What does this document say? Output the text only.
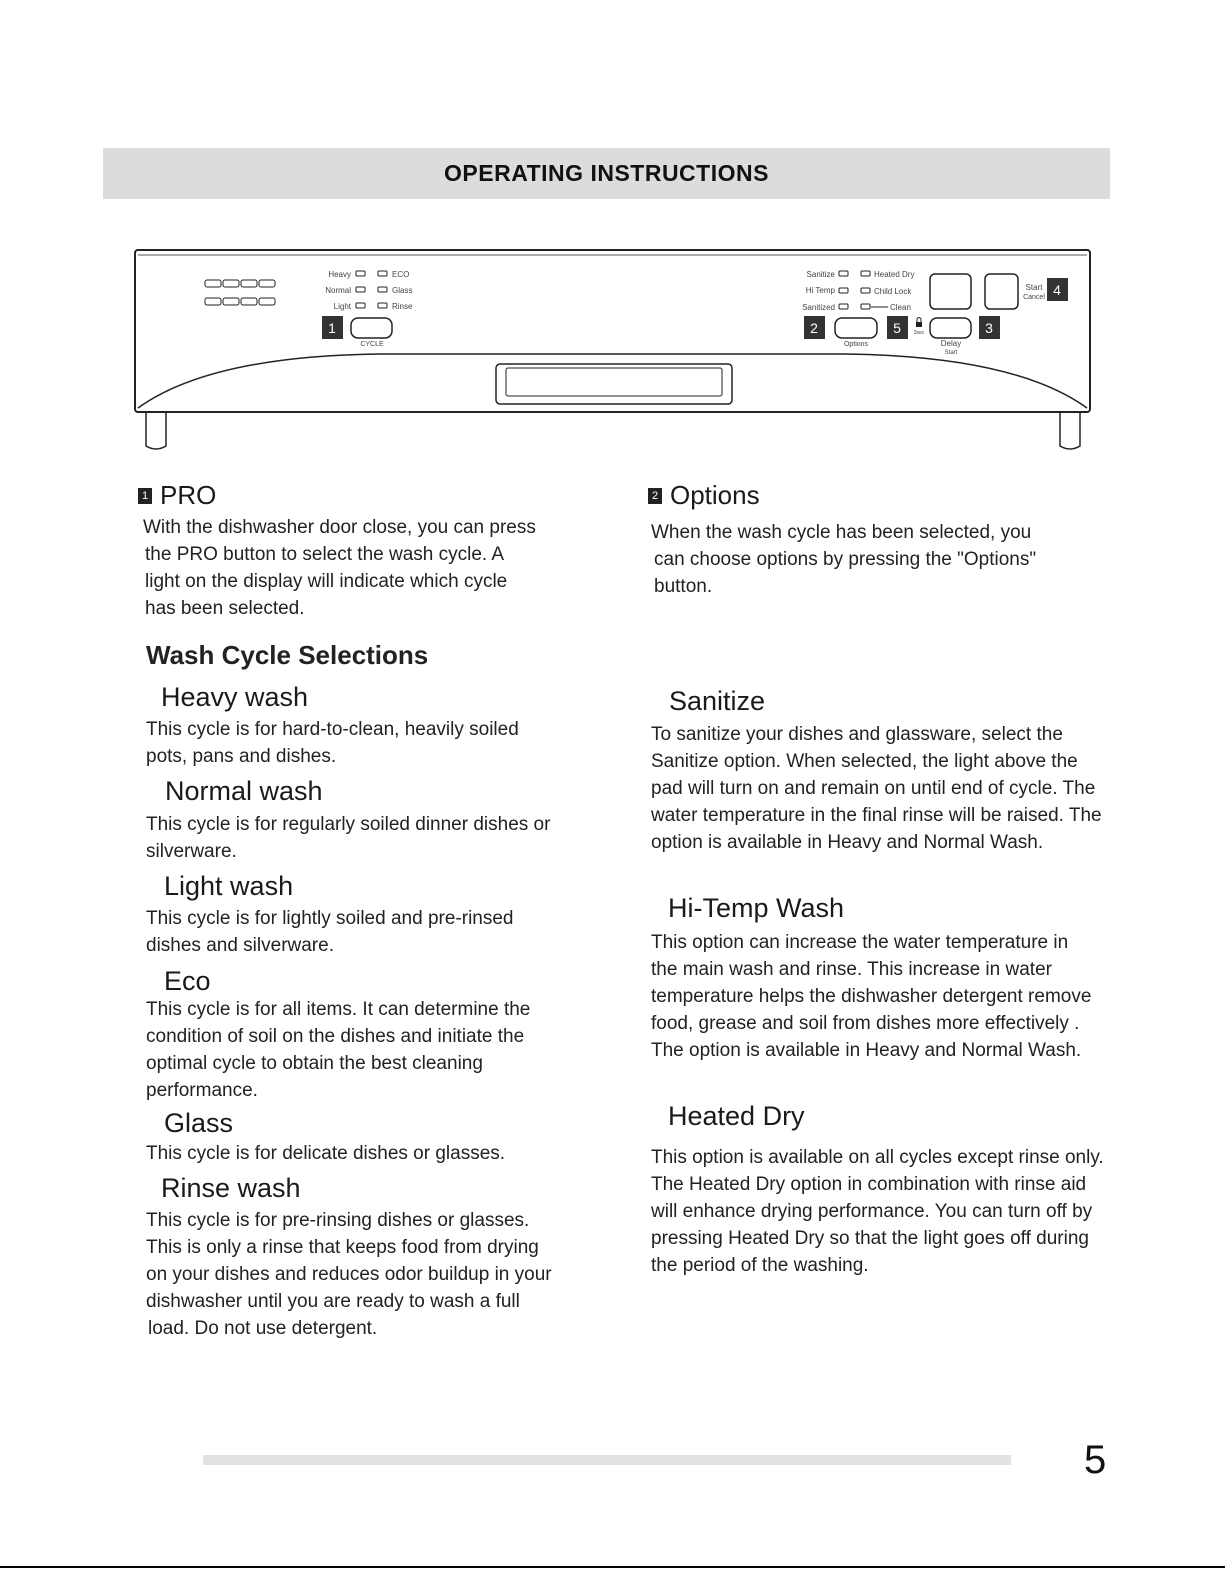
OPERATING INSTRUCTIONS
Heavy
Normal
Light
ECO
Glass
Rinse
1
CYCLE
Sanitize
Hi Temp
Sanitized
Heated Dry
Child Lock
Clean
Start
Cancel 4
2
Options
5	3sec
Delay
Start
3
1 PRO

With the dishwasher door close, you can press

the PRO button to select the wash cycle. A

light on the display will indicate which cycle

has been selected.

Wash Cycle Selections
Heavy wash

This cycle is for hard-to-clean, heavily soiled

pots, pans and dishes.

Normal wash

This cycle is for regularly soiled dinner dishes or

silverware.

Light wash

This cycle is for lightly soiled and pre-rinsed

dishes and silverware.

Eco

This cycle is for all items. It can determine the

condition of soil on the dishes and initiate the

optimal cycle to obtain the best cleaning

performance.

Glass

This cycle is for delicate dishes or glasses.

Rinse wash

This cycle is for pre-rinsing dishes or glasses.

This is only a rinse that keeps food from drying

on your dishes and reduces odor buildup in your

dishwasher until you are ready to wash a full

load. Do not use detergent.

2 Options

When the wash cycle has been selected, you

can choose options by pressing the "Options"

button.

Sanitize

To sanitize your dishes and glassware, select the

Sanitize option. When selected, the light above the

pad will turn on and remain on until end of cycle. The

water temperature in the final rinse will be raised. The

option is available in Heavy and Normal Wash.

Hi-Temp Wash

This option can increase the water temperature in

the main wash and rinse. This increase in water

temperature helps the dishwasher detergent remove

food, grease and soil from dishes more effectively .

The option is available in Heavy and Normal Wash.

Heated Dry

This option is available on all cycles except rinse only.

The Heated Dry option in combination with rinse aid

will enhance drying performance. You can turn off by

pressing Heated Dry so that the light goes off during

the period of the washing.

5
